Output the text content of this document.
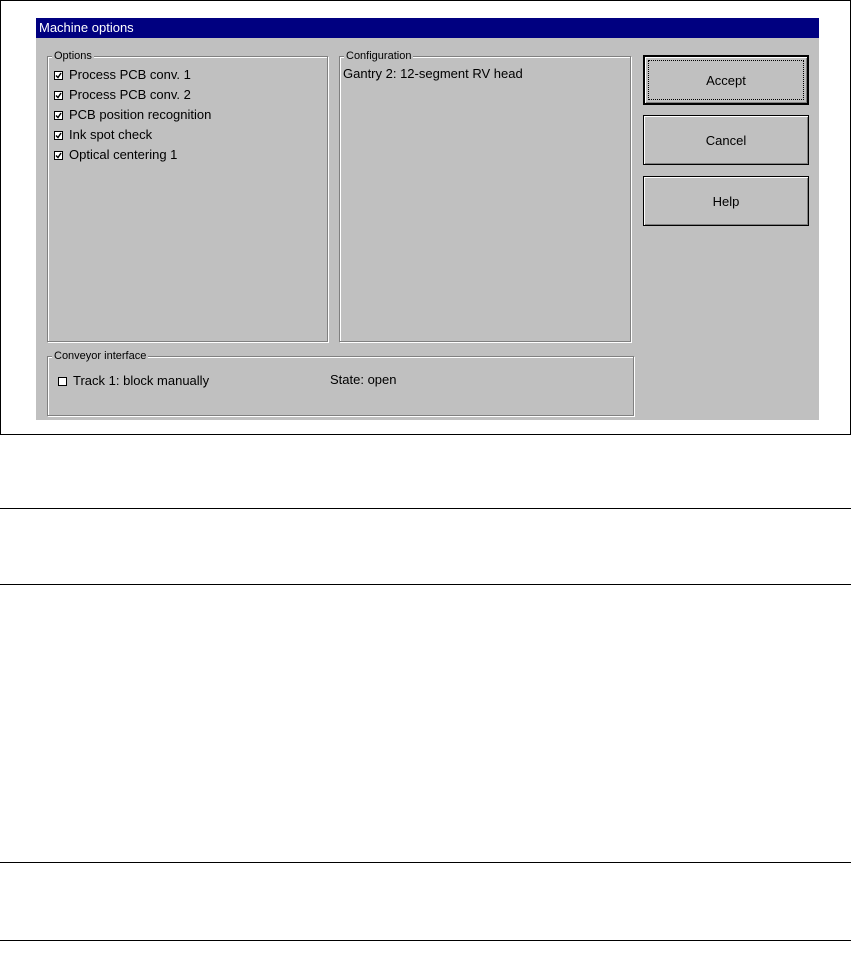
Machine options
Options
Process PCB conv. 1
Process PCB conv. 2
PCB position recognition
Ink spot check
Optical centering 1
Configuration
Gantry 2: 12-segment RV head	Accept
Cancel
Help
Conveyor interface
Track 1: block manually	State: open
